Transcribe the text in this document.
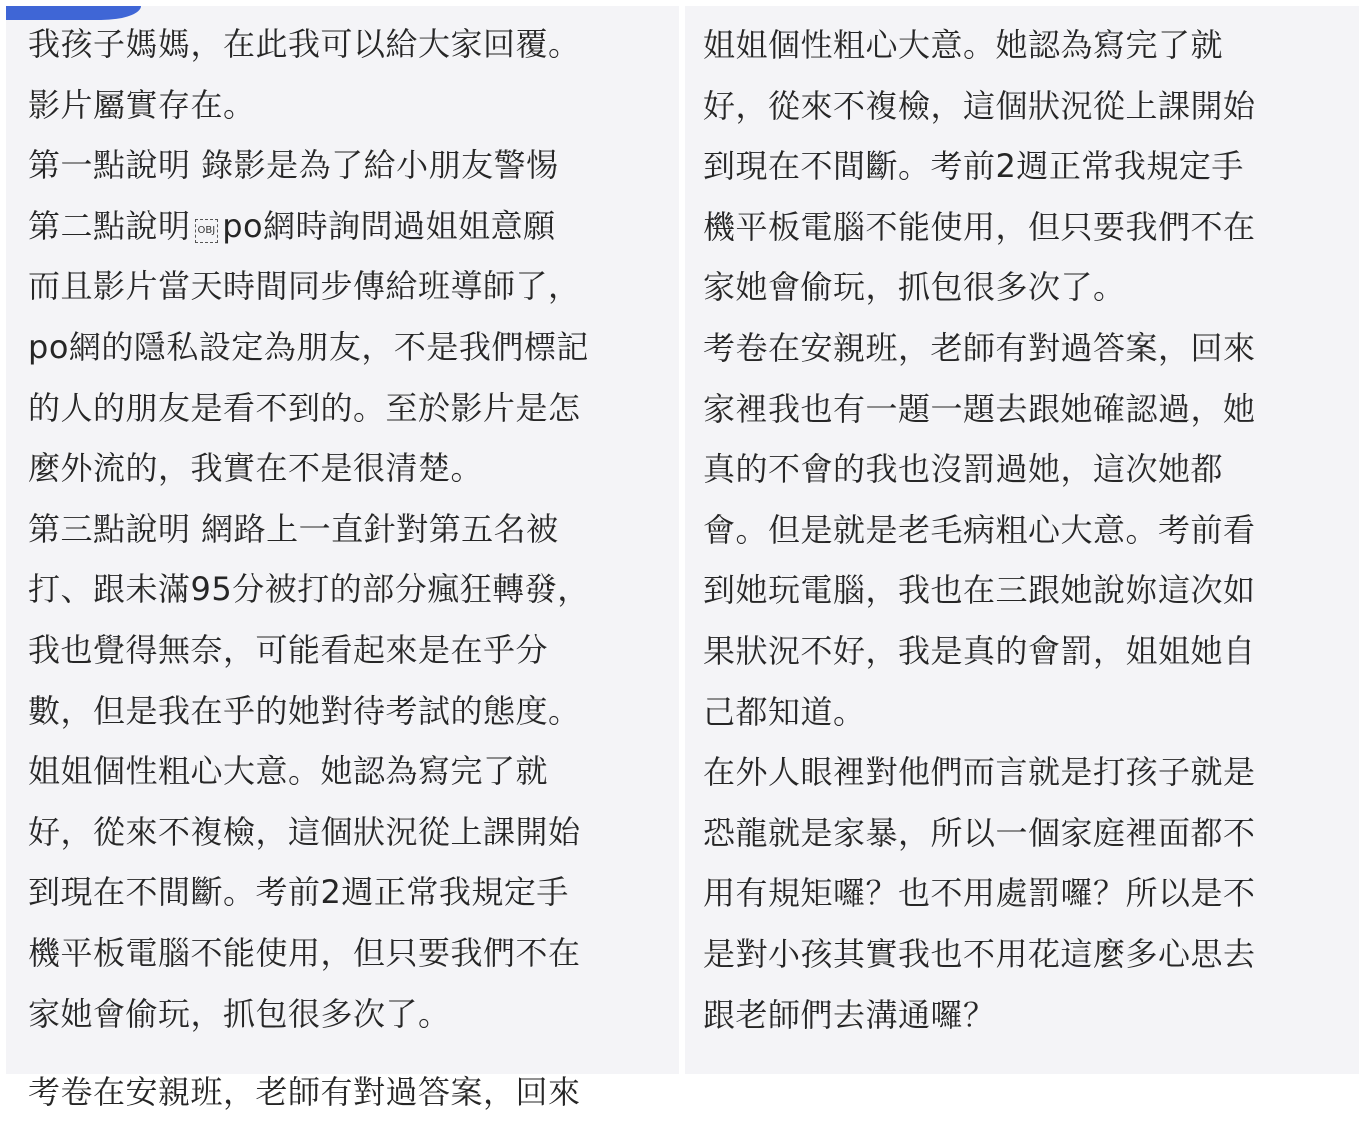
我孩子媽媽，在此我可以給大家回覆。
影片屬實存在。
第一點說明 錄影是為了給小朋友警惕
第二點說明 OBJ po網時詢問過姐姐意願
而且影片當天時間同步傳給班導師了，
po網的隱私設定為朋友，不是我們標記
的人的朋友是看不到的。至於影片是怎
麼外流的，我實在不是很清楚。
第三點說明 網路上一直針對第五名被
打、跟未滿95分被打的部分瘋狂轉發，
我也覺得無奈，可能看起來是在乎分
數，但是我在乎的她對待考試的態度。
姐姐個性粗心大意。她認為寫完了就
好，從來不複檢，這個狀況從上課開始
到現在不間斷。考前2週正常我規定手
機平板電腦不能使用，但只要我們不在
家她會偷玩，抓包很多次了。
考卷在安親班，老師有對過答案，回來
姐姐個性粗心大意。她認為寫完了就
好，從來不複檢，這個狀況從上課開始
到現在不間斷。考前2週正常我規定手
機平板電腦不能使用，但只要我們不在
家她會偷玩，抓包很多次了。
考卷在安親班，老師有對過答案，回來
家裡我也有一題一題去跟她確認過，她
真的不會的我也沒罰過她，這次她都
會。但是就是老毛病粗心大意。考前看
到她玩電腦，我也在三跟她說妳這次如
果狀況不好，我是真的會罰，姐姐她自
己都知道。
在外人眼裡對他們而言就是打孩子就是
恐龍就是家暴，所以一個家庭裡面都不
用有規矩囉？也不用處罰囉？所以是不
是對小孩其實我也不用花這麼多心思去
跟老師們去溝通囉？
